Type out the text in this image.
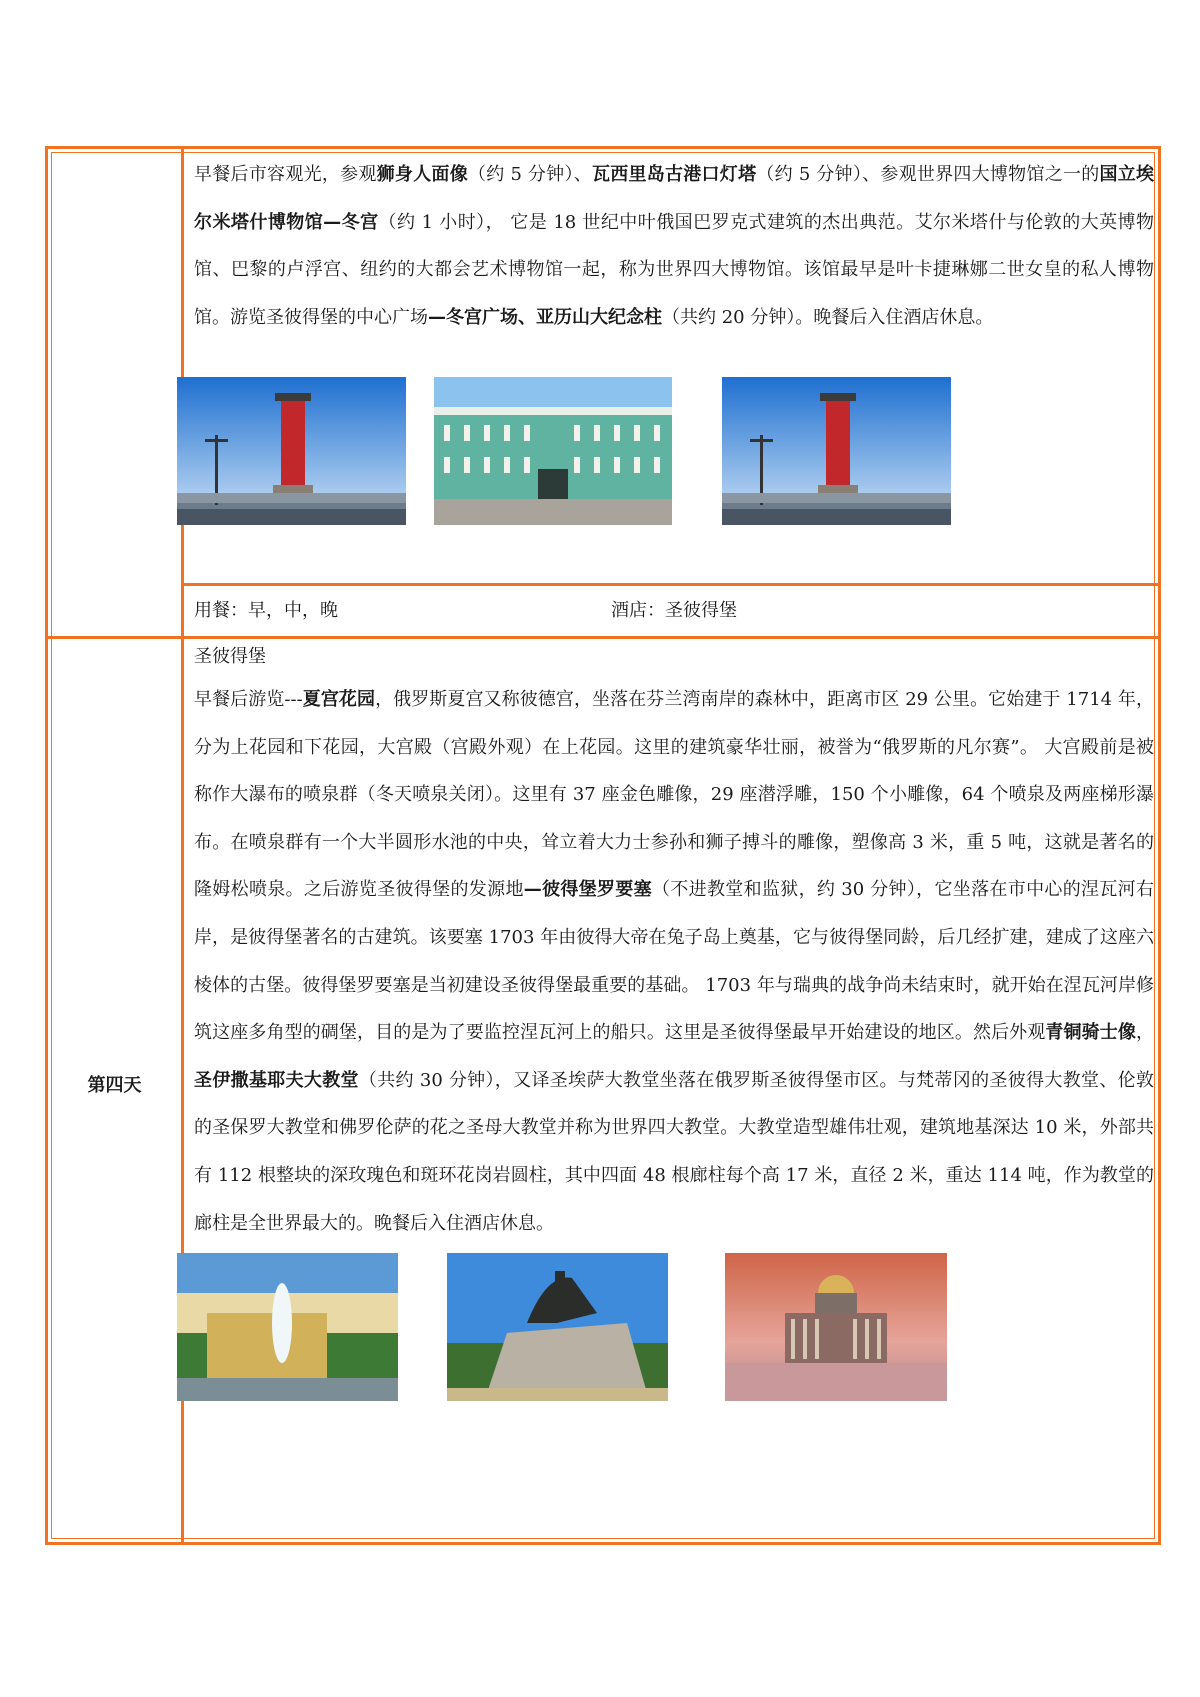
早餐后市容观光，参观狮身人面像（约 5 分钟）、瓦西里岛古港口灯塔（约 5 分钟）、参观世界四大博物馆之一的国立埃尔米塔什博物馆—冬宫（约 1 小时）， 它是 18 世纪中叶俄国巴罗克式建筑的杰出典范。艾尔米塔什与伦敦的大英博物馆、巴黎的卢浮宫、纽约的大都会艺术博物馆一起，称为世界四大博物馆。该馆最早是叶卡捷琳娜二世女皇的私人博物馆。游览圣彼得堡的中心广场—冬宫广场、亚历山大纪念柱（共约 20 分钟）。晚餐后入住酒店休息。

用餐：早，中，晚	酒店：圣彼得堡
第四天
圣彼得堡

早餐后游览---夏宫花园，俄罗斯夏宫又称彼德宫，坐落在芬兰湾南岸的森林中，距离市区 29 公里。它始建于 1714 年，分为上花园和下花园，大宫殿（宫殿外观）在上花园。这里的建筑豪华壮丽，被誉为“俄罗斯的凡尔赛”。 大宫殿前是被称作大瀑布的喷泉群（冬天喷泉关闭）。这里有 37 座金色雕像，29 座潜浮雕，150 个小雕像，64 个喷泉及两座梯形瀑布。在喷泉群有一个大半圆形水池的中央，耸立着大力士参孙和狮子搏斗的雕像，塑像高 3 米，重 5 吨，这就是著名的隆姆松喷泉。之后游览圣彼得堡的发源地—彼得堡罗要塞（不进教堂和监狱，约 30 分钟），它坐落在市中心的涅瓦河右岸，是彼得堡著名的古建筑。该要塞 1703 年由彼得大帝在兔子岛上奠基，它与彼得堡同龄，后几经扩建，建成了这座六棱体的古堡。彼得堡罗要塞是当初建设圣彼得堡最重要的基础。 1703 年与瑞典的战争尚未结束时，就开始在涅瓦河岸修筑这座多角型的碉堡，目的是为了要监控涅瓦河上的船只。这里是圣彼得堡最早开始建设的地区。然后外观青铜骑士像，圣伊撒基耶夫大教堂（共约 30 分钟），又译圣埃萨大教堂坐落在俄罗斯圣彼得堡市区。与梵蒂冈的圣彼得大教堂、伦敦的圣保罗大教堂和佛罗伦萨的花之圣母大教堂并称为世界四大教堂。大教堂造型雄伟壮观，建筑地基深达 10 米，外部共有 112 根整块的深玫瑰色和斑环花岗岩圆柱，其中四面 48 根廊柱每个高 17 米，直径 2 米，重达 114 吨，作为教堂的廊柱是全世界最大的。晚餐后入住酒店休息。
